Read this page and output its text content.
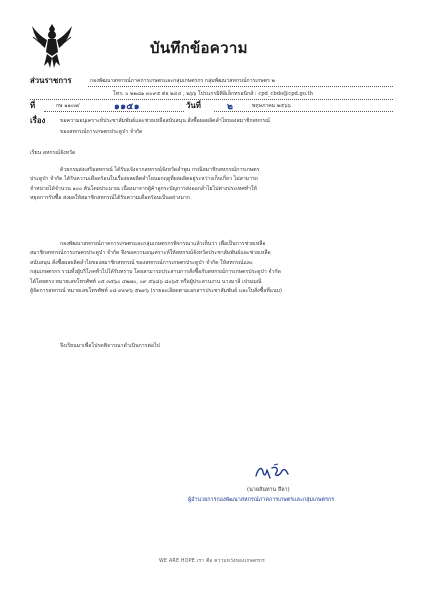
บันทึกข้อความ
ส่วนราชการ	กองพัฒนาสหกรณ์ภาคการเกษตรและกลุ่มเกษตรกร กลุ่มพัฒนาสหกรณ์การเกษตร ๒
โทร. ๐ ๒๒๘๑ ๓๐๙๕ ต่อ ๒๔๔ , ๒๖๖ โปรแกรมิติอิเล็กทรอนิกส์ : cpd_cbdo@cpd.go.th
ที่	กษ ๑๑๐๗/	๑๑๕๑	วันที่	๒	พฤษภาคม ๒๕๖๖
เรื่อง	ขอความอนุเคราะห์ประชาสัมพันธ์และช่วยเหลือสนับสนุน สั่งซื้อผลผลิตลำไยของสมาชิกสหกรณ์
ของสหกรณ์การเกษตรประดูป่า จำกัด
เรียน สหกรณ์จังหวัด
ด้วยกรมส่งเสริมสหกรณ์ ได้รับแจ้งจากสหกรณ์จังหวัดลำพูน กรณีสมาชิกสหกรณ์การเกษตร
ประดูป่า จำกัด ได้รับความเดือดร้อนในเรื่องผลผลิตลำไยนอกฤดูที่ผลผลิตอยู่ระหว่างเก็บเกี่ยว ไม่สามารถ
จำหน่ายได้จำนวน ๑๐๐ ตันโดยประมาณ เนื่องมาจากผู้ค้าลูกระบัญการส่งออกลำไยไปต่างประเทศทำให้
หยุดการรับซื้อ ส่งผลให้สมาชิกสหกรณ์ได้รับความเดือดร้อนเป็นอย่างมาก
กองพัฒนาสหกรณ์ภาคการเกษตรและกลุ่มเกษตรกรพิจารณาแล้วเห็นว่า เพื่อเป็นการช่วยเหลือ
สมาชิกสหกรณ์การเกษตรประดูป่า จำกัด จึงขอความอนุเคราะห์ให้สหกรณ์จังหวัดประชาสัมพันธ์และช่วยเหลือ
สนับสนุน สั่งซื้อผลผลิตลำไยของสมาชิกสหกรณ์ ของสหกรณ์การเกษตรประดูป่า จำกัด ให้สหกรณ์และ
กลุ่มเกษตรกร รวมทั้งผู้บริโภคทั่วไปได้รับทราบ โดยสามารถประสานการสั่งซื้อกับสหกรณ์การเกษตรประดูป่า จำกัด
ได้โดยตรง หมายเลขโทรศัพท์ ๐๕ ๓๕๖๐ ๔๒๗๐, ๐๙ ๕๖๘๖ ๘๐๖๕ หรือผู้ประสานงาน นางมาลี เปรมมณี
ผู้จัดการสหกรณ์ หมายเลขโทรศัพท์ ๐๘ ๙๙๙๖ ๕๒๙๖ (รายละเอียดตามเอกสารประชาสัมพันธ์ และใบสั่งซื้อที่แนบ)
จึงเรียนมาเพื่อโปรดพิจารณาดำเนินการต่อไป
(นายสันทาน สีลา)
ผู้อำนวยการกองพัฒนาสหกรณ์ภาคการเกษตรและกลุ่มเกษตรกร
WE ARE HOPE เรา คือ ความหวังของเกษตรกร
